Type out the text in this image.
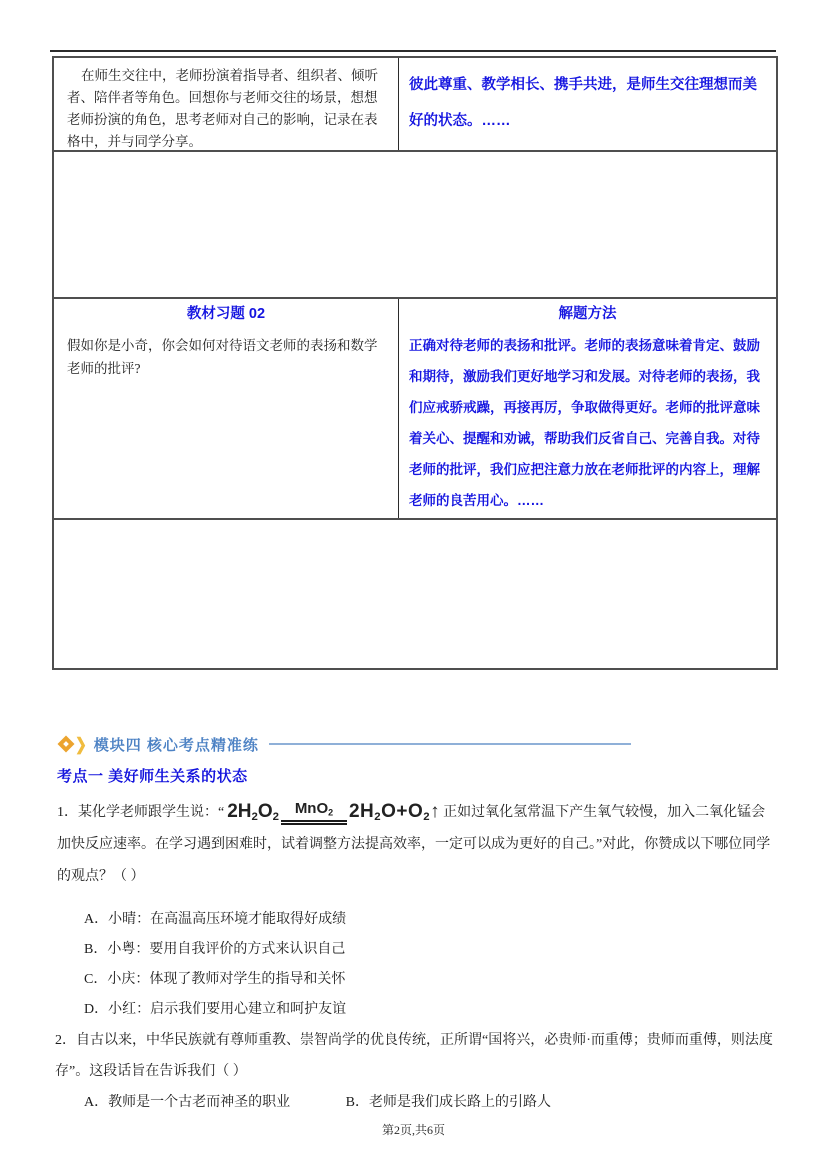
在师生交往中，老师扮演着指导者、组织者、倾听者、陪伴者等角色。回想你与老师交往的场景，想想老师扮演的角色，思考老师对自己的影响，记录在表格中，并与同学分享。

彼此尊重、教学相长、携手共进，是师生交往理想而美好的状态。……

教材习题 02

假如你是小奇，你会如何对待语文老师的表扬和数学老师的批评?

解题方法

正确对待老师的表扬和批评。老师的表扬意味着肯定、鼓励和期待，激励我们更好地学习和发展。对待老师的表扬，我们应戒骄戒躁，再接再厉，争取做得更好。老师的批评意味着关心、提醒和劝诫，帮助我们反省自己、完善自我。对待老师的批评，我们应把注意力放在老师批评的内容上，理解老师的良苦用心。……

❯ 模块四 核心考点精准练
考点一 美好师生关系的状态
1．某化学老师跟学生说：“ $2H_2O_2$
MnO$_2$ $2H_2O+O_2↑$ 正如过氧化氢常温下产生氧气较慢，加入二氧化锰会加快反应速率。在学习遇到困难时，试着调整方法提高效率，一定可以成为更好的自己。”对此，你赞成以下哪位同学的观点？（ ）
A．小晴：在高温高压环境才能取得好成绩
B．小粤：要用自我评价的方式来认识自己
C．小庆：体现了教师对学生的指导和关怀
D．小红：启示我们要用心建立和呵护友谊
2．自古以来，中华民族就有尊师重教、崇智尚学的优良传统，正所谓“国将兴，必贵师·而重傅；贵师而重傅，则法度存”。这段话旨在告诉我们（ ）
A．教师是一个古老而神圣的职业	B．老师是我们成长路上的引路人
第2页,共6页
